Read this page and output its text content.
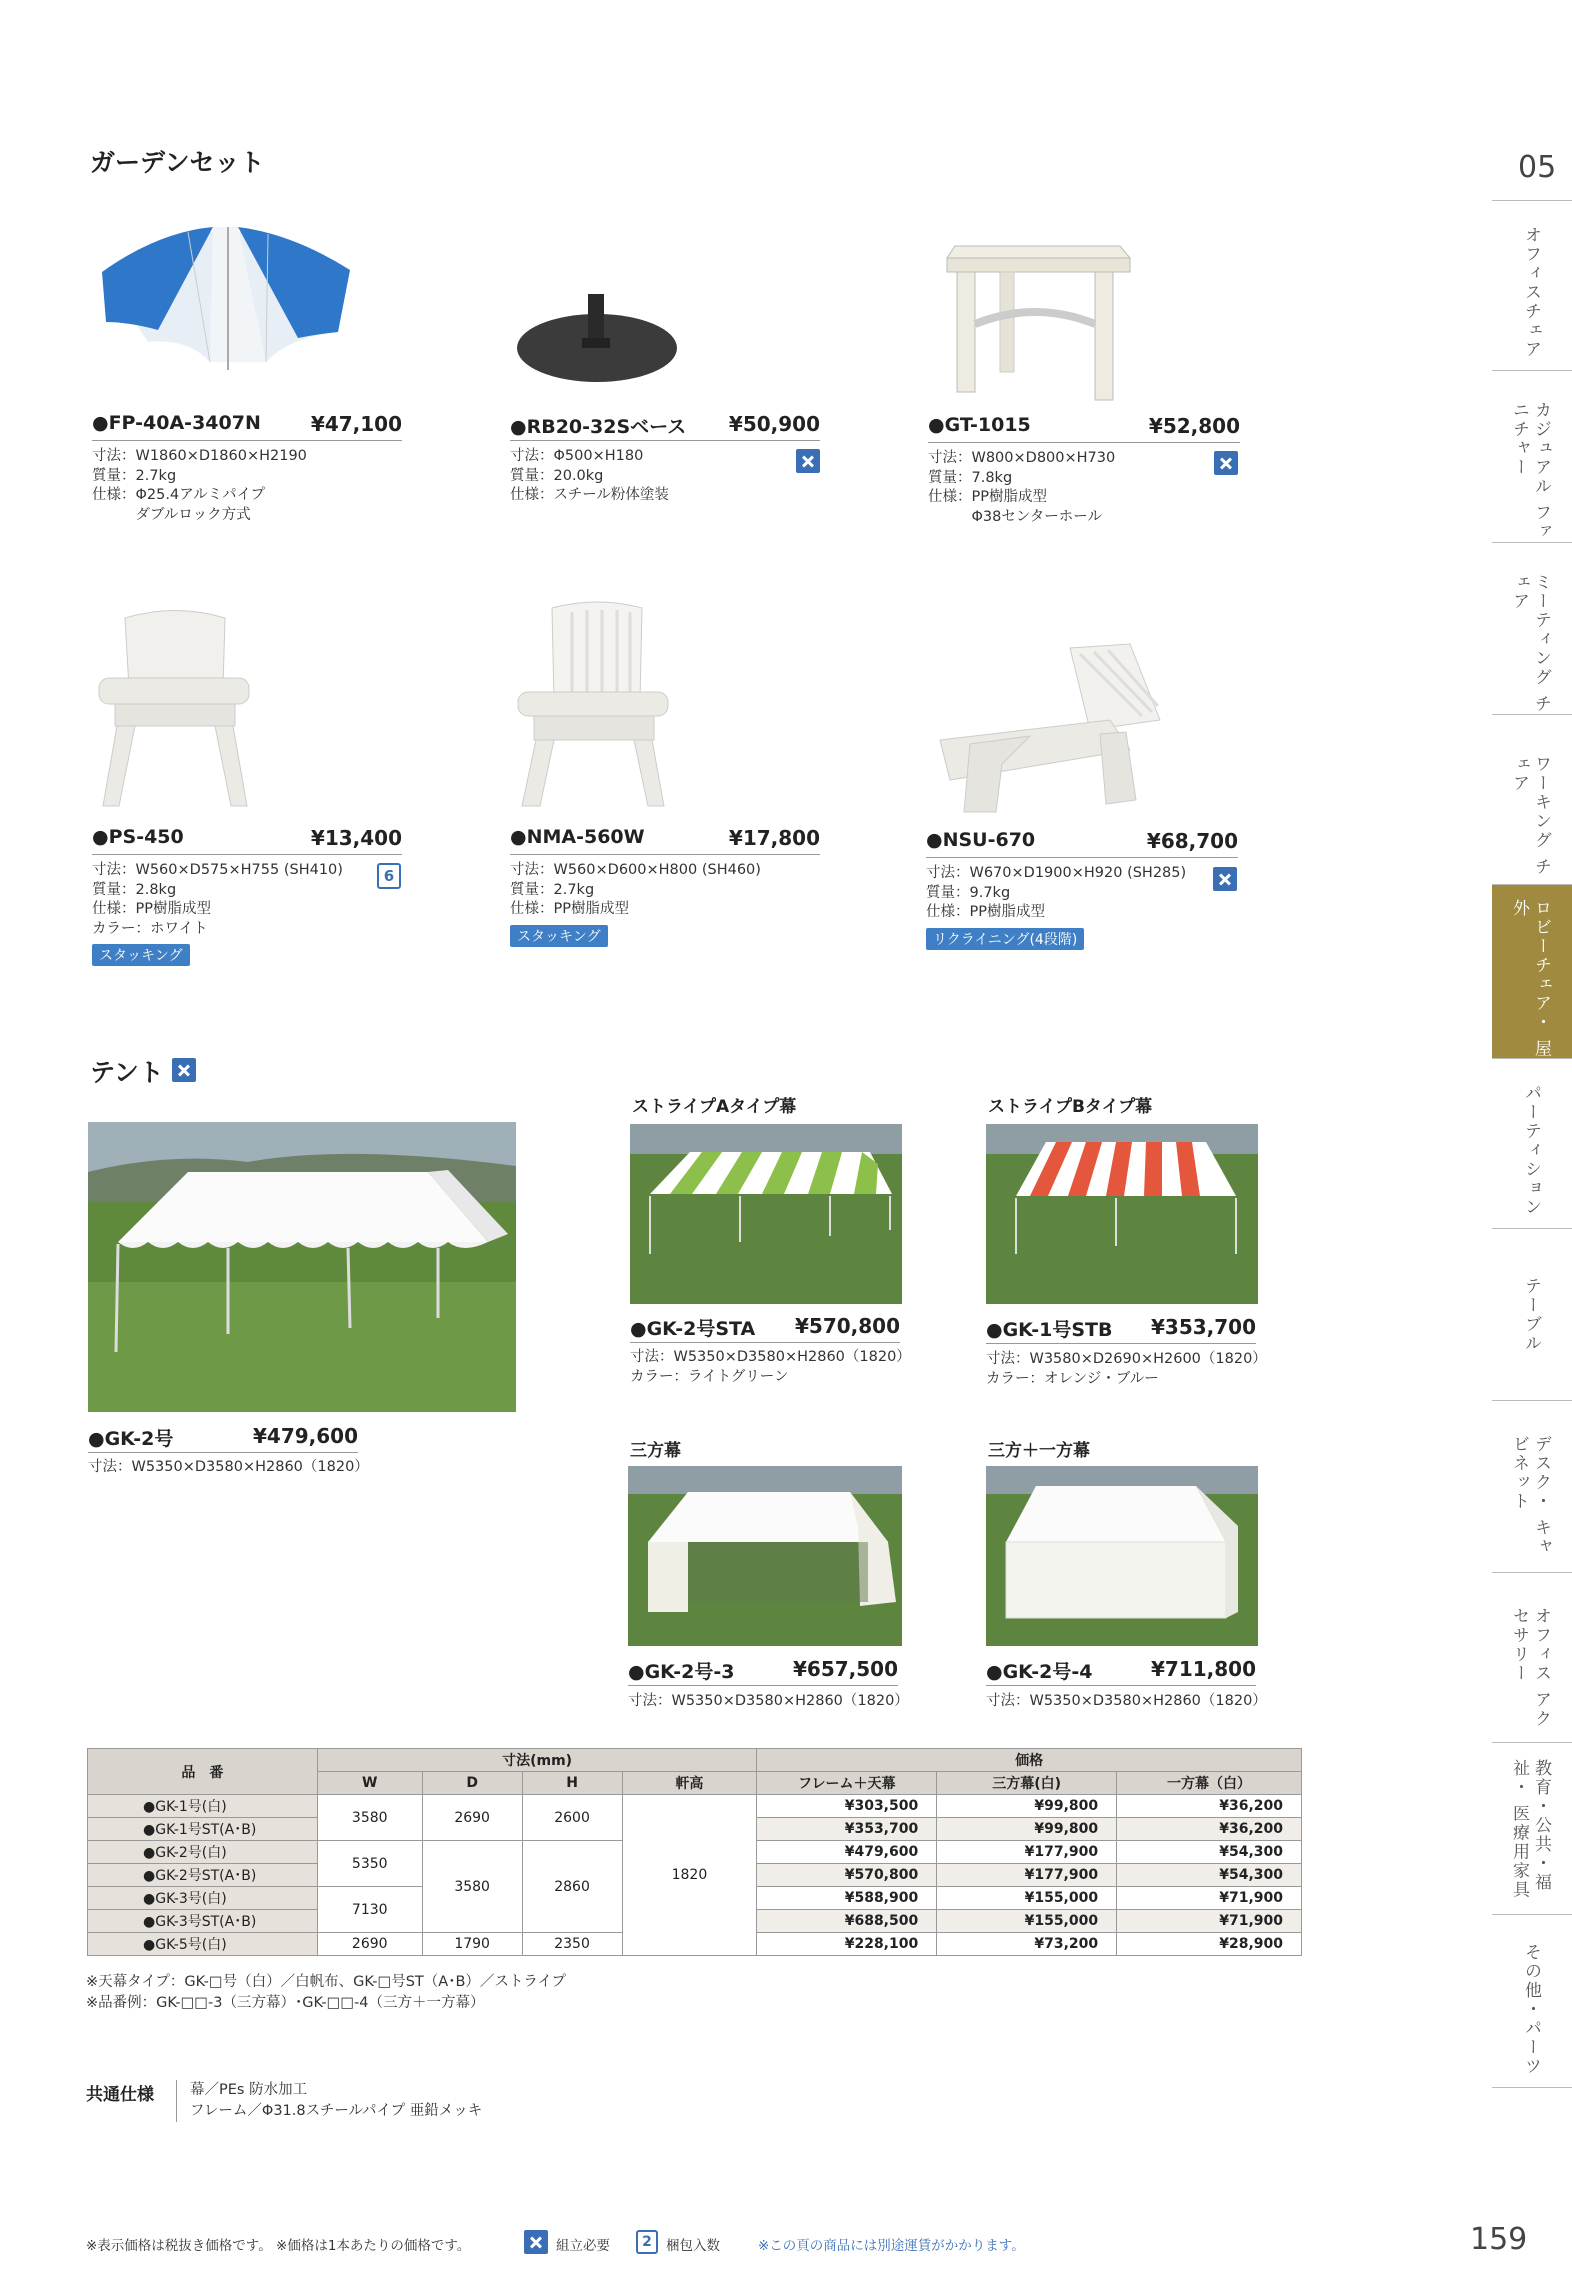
ガーデンセット
●FP-40A-3407N	¥47,100
寸法：W1860×D1860×H2190
質量：2.7kg
仕様：Φ25.4アルミパイプ
　　　ダブルロック方式
●RB20-32Sベース ¥50,900
寸法：Φ500×H180
質量：20.0kg
仕様：スチール粉体塗装
●GT-1015	¥52,800
寸法：W800×D800×H730
質量：7.8kg
仕様：PP樹脂成型
　　　Φ38センターホール
●PS-450	¥13,400
寸法：W560×D575×H755 (SH410)
質量：2.8kg
仕様：PP樹脂成型
カラー：ホワイト
6
スタッキング
●NMA-560W	¥17,800
寸法：W560×D600×H800 (SH460)
質量：2.7kg
仕様：PP樹脂成型
スタッキング
●NSU-670	¥68,700
寸法：W670×D1900×H920 (SH285)
質量：9.7kg
仕様：PP樹脂成型
リクライニング(4段階)
テント
●GK-2号	¥479,600
寸法：W5350×D3580×H2860（1820）
ストライプAタイプ幕
●GK-2号STA ¥570,800
寸法：W5350×D3580×H2860（1820）
カラー：ライトグリーン
ストライプBタイプ幕
●GK-1号STB ¥353,700
寸法：W3580×D2690×H2600（1820）
カラー：オレンジ・ブルー
三方幕
●GK-2号-3	¥657,500
寸法：W5350×D3580×H2860（1820）
三方＋一方幕
●GK-2号-4	¥711,800
寸法：W5350×D3580×H2860（1820）
品　番	寸法(mm)				価格		
	W	D	H	軒高	フレーム＋天幕	三方幕(白)	一方幕（白）
●GK-1号(白)	3580	2690	2600	1820	¥303,500	¥99,800	¥36,200
●GK-1号ST(A･B)					¥353,700	¥99,800	¥36,200
●GK-2号(白)	5350	3580	2860		¥479,600	¥177,900	¥54,300
●GK-2号ST(A･B)					¥570,800	¥177,900	¥54,300
●GK-3号(白)	7130				¥588,900	¥155,000	¥71,900
●GK-3号ST(A･B)					¥688,500	¥155,000	¥71,900
●GK-5号(白)	2690	1790	2350		¥228,100	¥73,200	¥28,900
※天幕タイプ：GK-□号（白）／白帆布、GK-□号ST（A･B）／ストライプ
※品番例：GK-□□-3（三方幕）･GK-□□-4（三方＋一方幕）
共通仕様 幕／PEs 防水加工
フレーム／Φ31.8スチールパイプ 亜鉛メッキ
※表示価格は税抜き価格です。 ※価格は1本あたりの価格です。	組立必要	2	梱包入数	※この頁の商品には別途運賃がかかります。	159
05
オフィスチェア
カジュアル ファニチャー
ミーティング チェア
ワーキング チェア
ロビーチェア・ 屋外
パーティション
テーブル
デスク・ キャビネット
オフィス アクセサリー
教育・公共・福祉・ 医療用家具
その他・パーツ
